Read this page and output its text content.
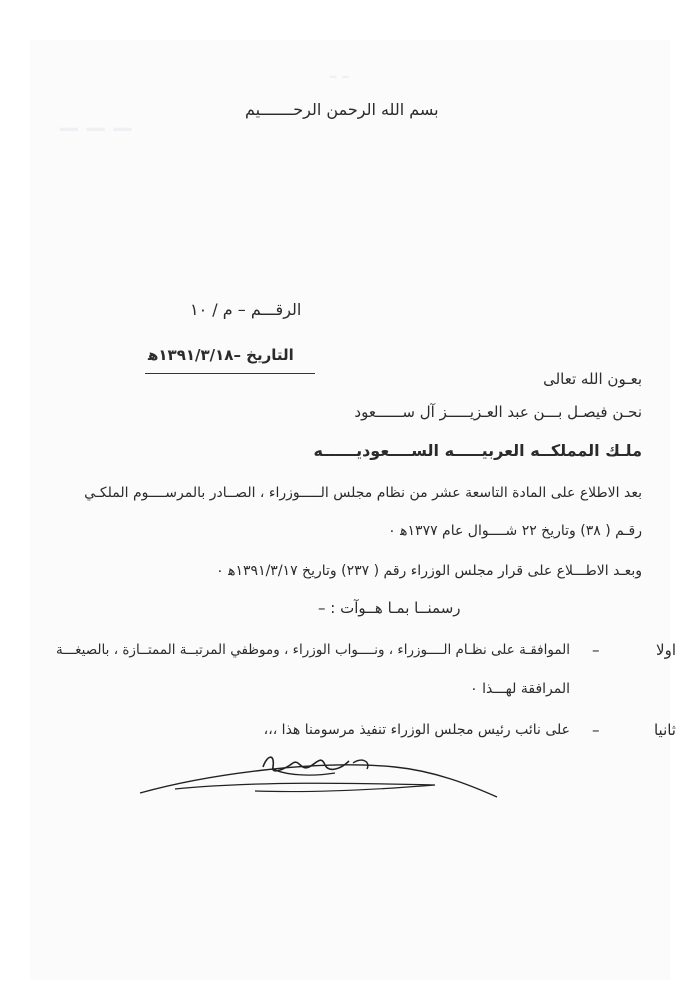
ــ ــ ــ
ـ ـ
بسم الله الرحمن الرحـــــــيم
الرقـــم – م / ١٠
التاريخ –١٣٩١/٣/١٨ﻫ
بعـون الله تعالى
نحـن فيصـل بـــن عبد العـزيـــــز آل ســــــعود
ملـك المملكــه العربيـــــه الســــعوديــــــه
بعد الاطلاع على المادة التاسعة عشر من نظام مجلس الـــــوزراء ، الصــادر بالمرســــوم الملكـي
رقـم ( ٣٨) وتاريخ ٢٢ شــــوال عام ١٣٧٧ﻫ ٠
وبعـد الاطـــلاع على قرار مجلس الوزراء رقم ( ٢٣٧) وتاريخ ١٣٩١/٣/١٧ﻫ ٠
رسمنــا بمـا هــوآت : –
اولا
–
الموافقـة على نظـام الــــوزراء ، ونــــواب الوزراء ، وموظفي المرتبــة الممتــازة ، بالصيغـــة
المرافقة لهـــذا ٠
ثانيا
–
على نائب رئيس مجلس الوزراء تنفيذ مرسومنا هذا ،،،
